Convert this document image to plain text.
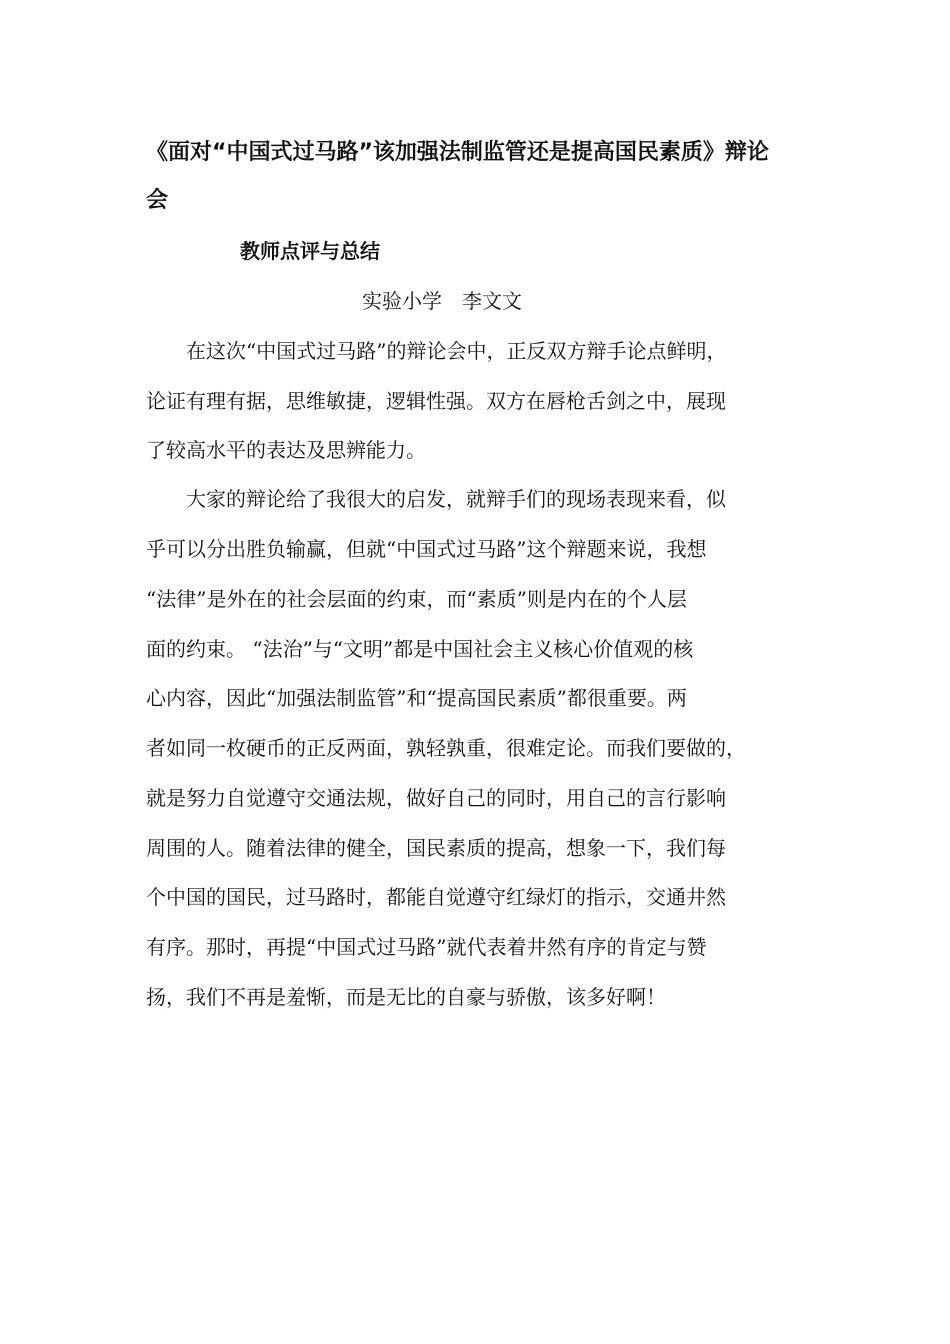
《面对“中国式过马路”该加强法制监管还是提高国民素质》辩论
会
教师点评与总结
实验小学　李文文
　　在这次“中国式过马路”的辩论会中，正反双方辩手论点鲜明，
论证有理有据，思维敏捷，逻辑性强。双方在唇枪舌剑之中，展现
了较高水平的表达及思辨能力。
　　大家的辩论给了我很大的启发，就辩手们的现场表现来看，似
乎可以分出胜负输赢，但就“中国式过马路”这个辩题来说，我想
“法律”是外在的社会层面的约束，而“素质”则是内在的个人层
面的约束。 “法治”与“文明”都是中国社会主义核心价值观的核
心内容，因此“加强法制监管”和“提高国民素质”都很重要。两
者如同一枚硬币的正反两面，孰轻孰重，很难定论。而我们要做的，
就是努力自觉遵守交通法规，做好自己的同时，用自己的言行影响
周围的人。随着法律的健全，国民素质的提高，想象一下，我们每
个中国的国民，过马路时，都能自觉遵守红绿灯的指示，交通井然
有序。那时，再提“中国式过马路”就代表着井然有序的肯定与赞
扬，我们不再是羞惭，而是无比的自豪与骄傲，该多好啊！
